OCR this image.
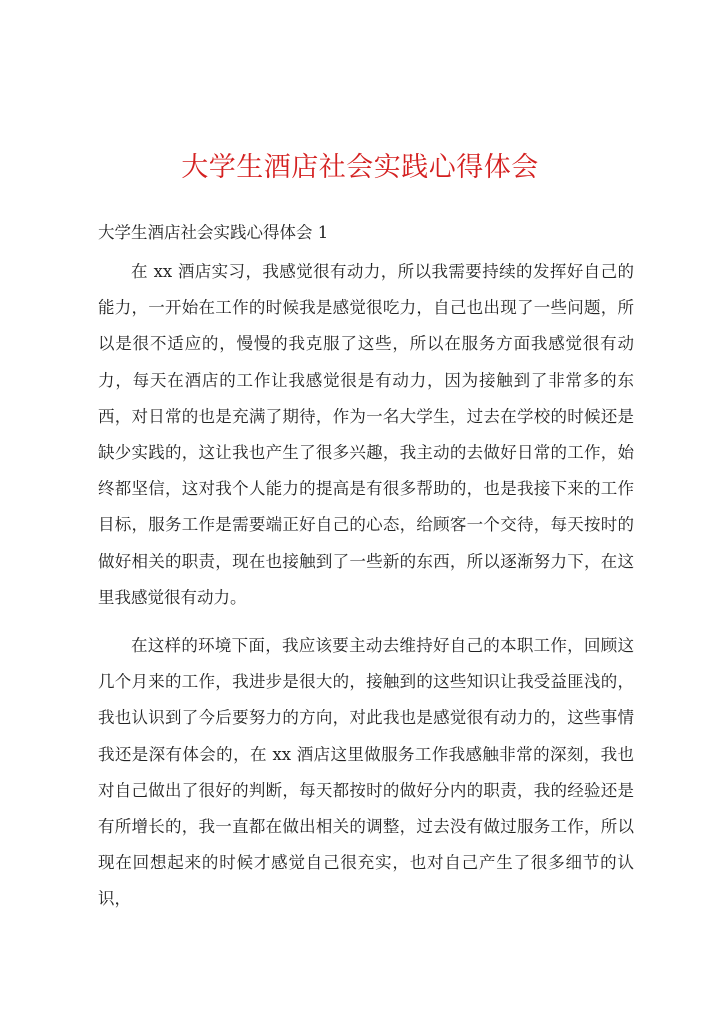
大学生酒店社会实践心得体会

大学生酒店社会实践心得体会 1

在 xx 酒店实习，我感觉很有动力，所以我需要持续的发挥好自己的能力，一开始在工作的时候我是感觉很吃力，自己也出现了一些问题，所以是很不适应的，慢慢的我克服了这些，所以在服务方面我感觉很有动力，每天在酒店的工作让我感觉很是有动力，因为接触到了非常多的东西，对日常的也是充满了期待，作为一名大学生，过去在学校的时候还是缺少实践的，这让我也产生了很多兴趣，我主动的去做好日常的工作，始终都坚信，这对我个人能力的提高是有很多帮助的，也是我接下来的工作目标，服务工作是需要端正好自己的心态，给顾客一个交待，每天按时的做好相关的职责，现在也接触到了一些新的东西，所以逐渐努力下，在这里我感觉很有动力。

在这样的环境下面，我应该要主动去维持好自己的本职工作，回顾这几个月来的工作，我进步是很大的，接触到的这些知识让我受益匪浅的，我也认识到了今后要努力的方向，对此我也是感觉很有动力的，这些事情我还是深有体会的，在 xx 酒店这里做服务工作我感触非常的深刻，我也对自己做出了很好的判断，每天都按时的做好分内的职责，我的经验还是有所增长的，我一直都在做出相关的调整，过去没有做过服务工作，所以现在回想起来的时候才感觉自己很充实，也对自己产生了很多细节的认识，
